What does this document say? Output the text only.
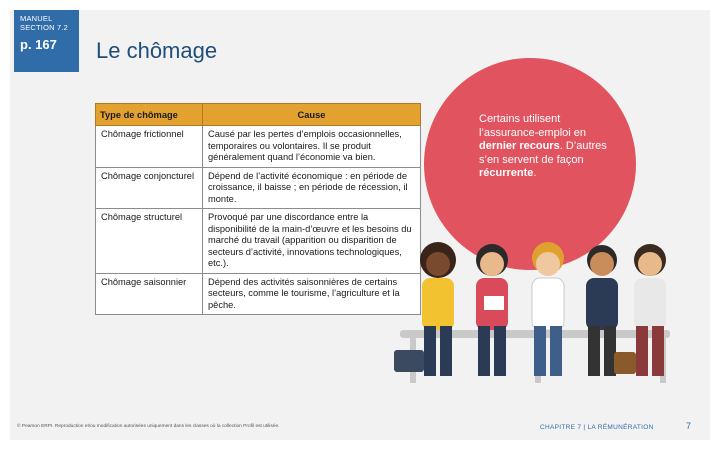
MANUEL
SECTION 7.2
p. 167	Le chômage
Type de chômage	Cause
Chômage frictionnel	Causé par les pertes d’emplois occasionnelles, temporaires ou volontaires. Il se produit généralement quand l’économie va bien.
Chômage conjoncturel	Dépend de l’activité économique : en période de croissance, il baisse ; en période de récession, il monte.
Chômage structurel	Provoqué par une discordance entre la disponibilité de la main-d’œuvre et les besoins du marché du travail (apparition ou disparition de secteurs d’activité, innovations technologiques, etc.).
Chômage saisonnier	Dépend des activités saisonnières de certains secteurs, comme le tourisme, l’agriculture et la pêche.
Certains utilisent l’assurance-emploi en dernier recours. D’autres s’en servent de façon récurrente.
© Pearson ERPI. Reproduction et/ou modification autorisées uniquement dans les classes où la collection Profil est utilisée.	CHAPITRE 7 | LA RÉMUNÉRATION	7
